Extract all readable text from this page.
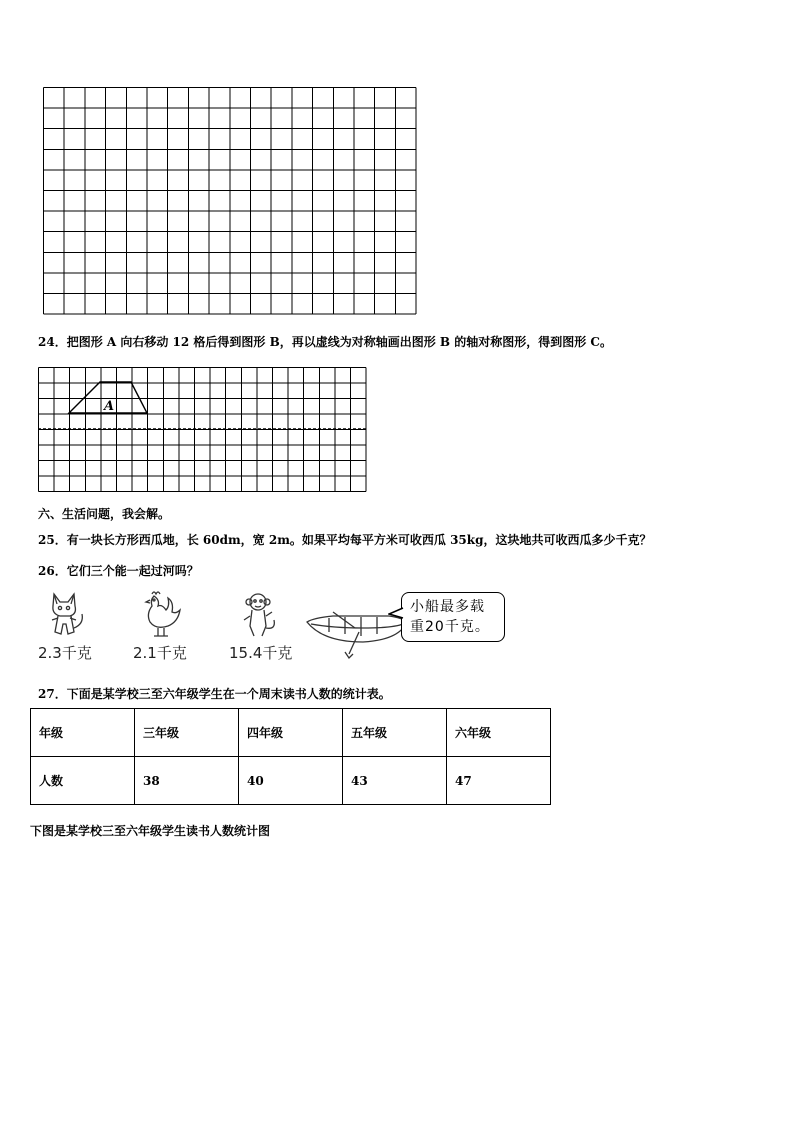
24．把图形 A 向右移动 12 格后得到图形 B，再以虚线为对称轴画出图形 B 的轴对称图形，得到图形 C。
A
六、生活问题，我会解。
25．有一块长方形西瓜地，长 60dm，宽 2m。如果平均每平方米可收西瓜 35kg，这块地共可收西瓜多少千克？
26．它们三个能一起过河吗？
2.3千克	2.1千克	15.4千克
小船最多载
重20千克。
27．下面是某学校三至六年级学生在一个周末读书人数的统计表。
年级	三年级	四年级	五年级	六年级
人数	38	40	43	47
下图是某学校三至六年级学生读书人数统计图
